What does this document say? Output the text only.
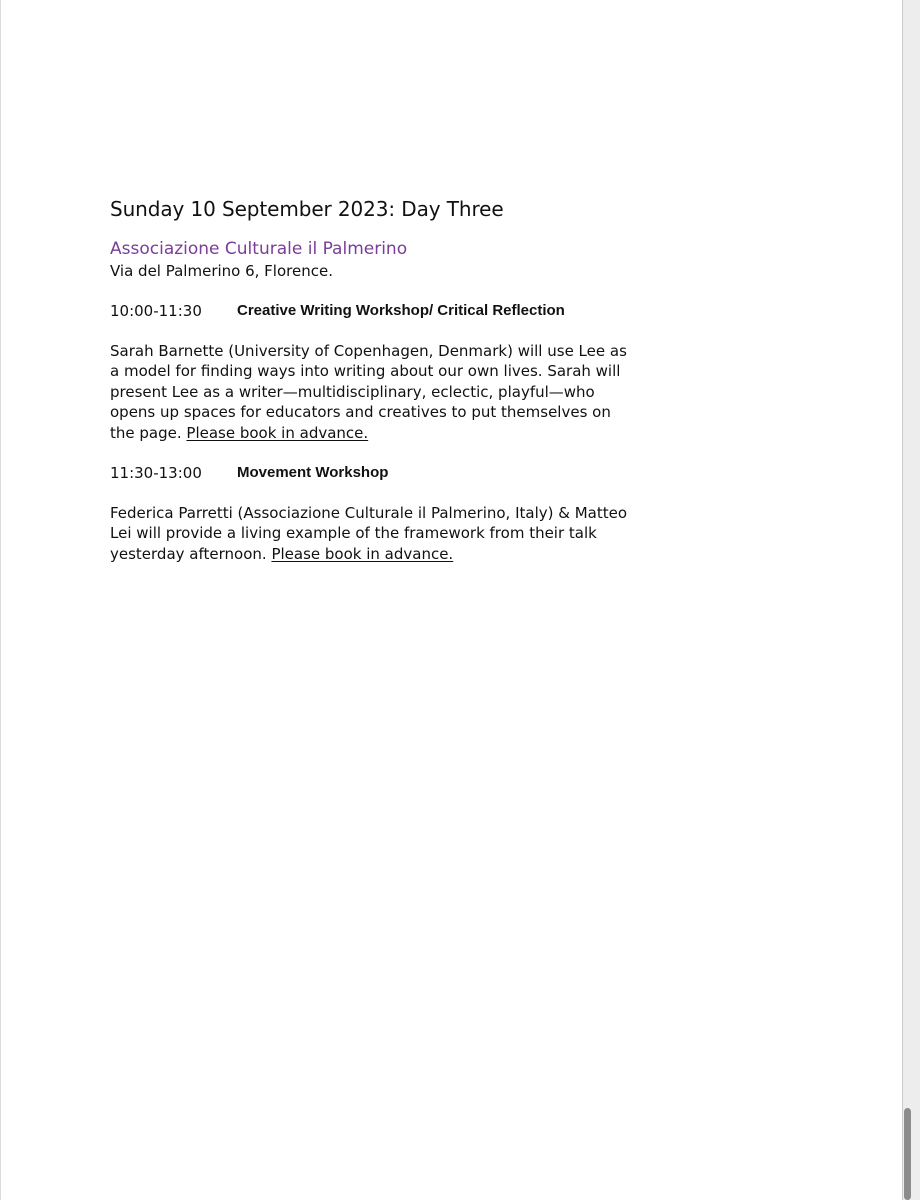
Sunday 10 September 2023: Day Three

Associazione Culturale il Palmerino

Via del Palmerino 6, Florence.

10:00-11:30	Creative Writing Workshop/ Critical Reflection

Sarah Barnette (University of Copenhagen, Denmark) will use Lee as a model for finding ways into writing about our own lives. Sarah will present Lee as a writer—multidisciplinary, eclectic, playful—who opens up spaces for educators and creatives to put themselves on the page. Please book in advance.

11:30-13:00	Movement Workshop

Federica Parretti (Associazione Culturale il Palmerino, Italy) & Matteo Lei will provide a living example of the framework from their talk yesterday afternoon. Please book in advance.
